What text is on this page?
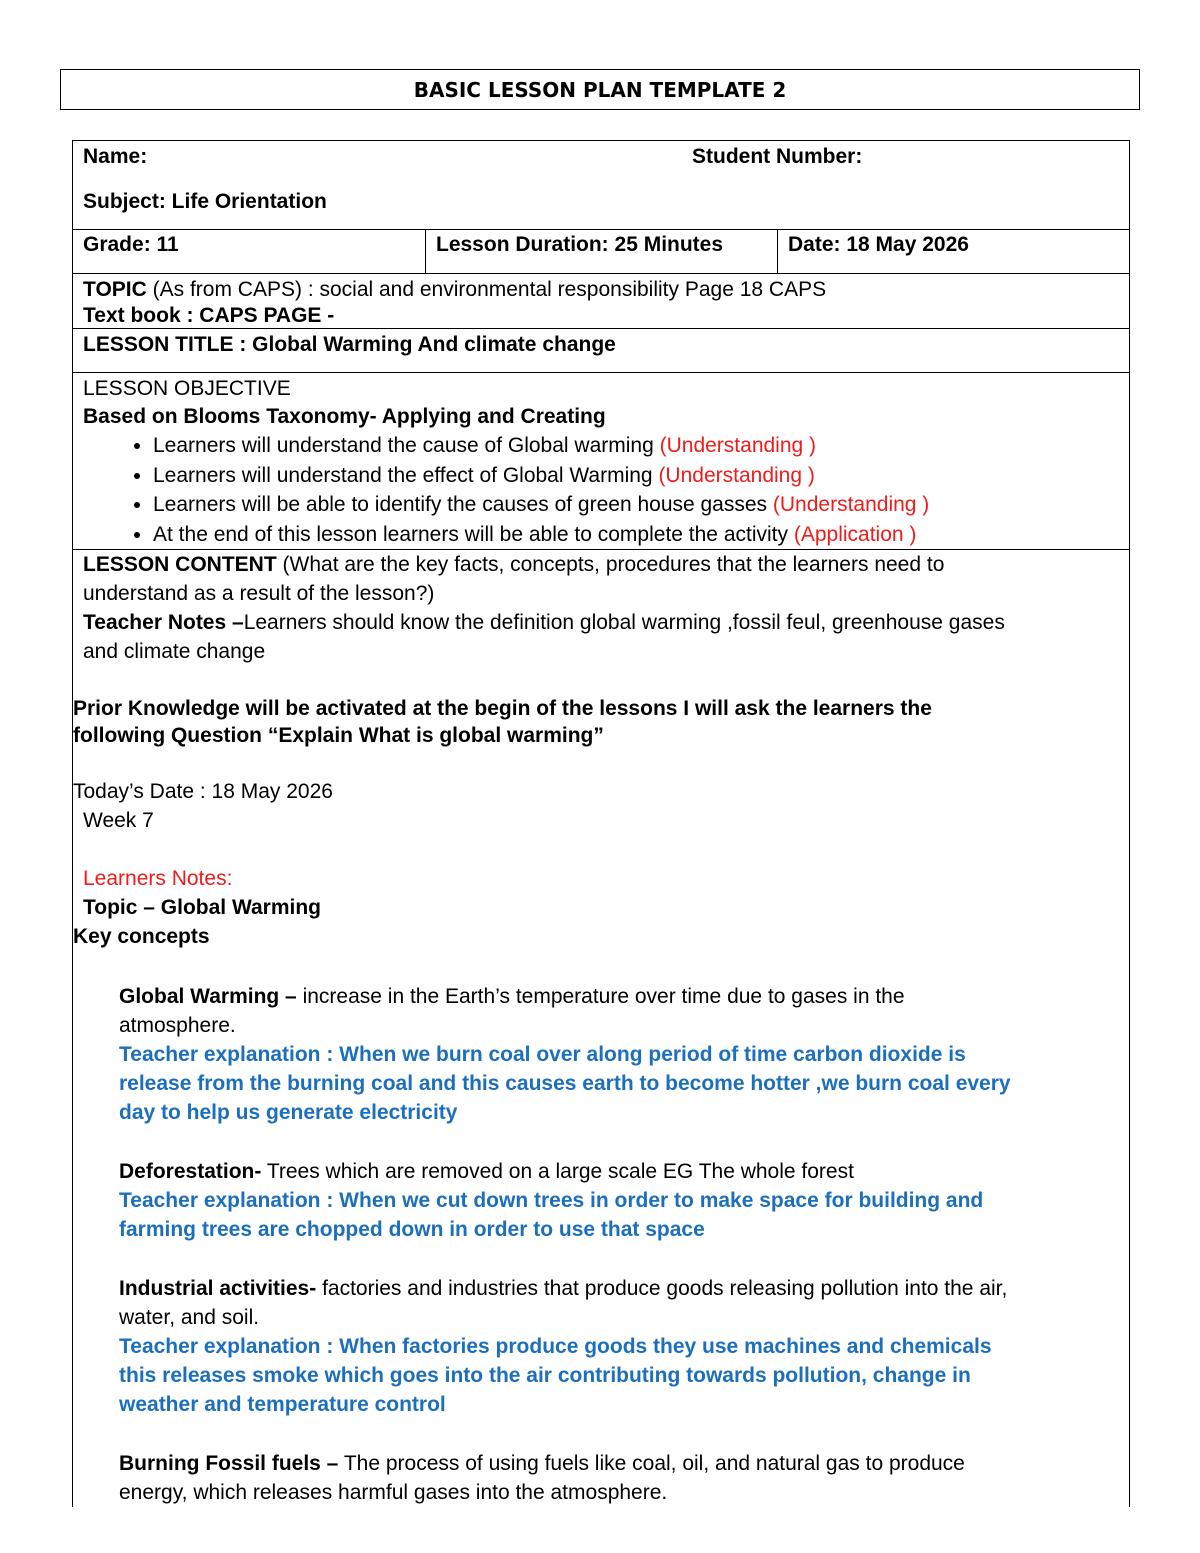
BASIC LESSON PLAN TEMPLATE 2
Name:	Student Number:
Subject: Life Orientation
Grade: 11	Lesson Duration: 25 Minutes	Date: 18 May 2026
TOPIC (As from CAPS) : social and environmental responsibility Page 18 CAPS
Text book : CAPS PAGE -
LESSON TITLE : Global Warming And climate change
LESSON OBJECTIVE
Based on Blooms Taxonomy- Applying and Creating
• Learners will understand the cause of Global warming (Understanding )
• Learners will understand the effect of Global Warming (Understanding )
• Learners will be able to identify the causes of green house gasses (Understanding )
• At the end of this lesson learners will be able to complete the activity (Application )
LESSON CONTENT (What are the key facts, concepts, procedures that the learners need to
understand as a result of the lesson?)
Teacher Notes –Learners should know the definition global warming ,fossil feul, greenhouse gases
and climate change
Prior Knowledge will be activated at the begin of the lessons I will ask the learners the
following Question “Explain What is global warming”
Today’s Date : 18 May 2026
Week 7
Learners Notes:
Topic – Global Warming
Key concepts
Global Warming – increase in the Earth’s temperature over time due to gases in the
atmosphere.
Teacher explanation : When we burn coal over along period of time carbon dioxide is
release from the burning coal and this causes earth to become hotter ,we burn coal every
day to help us generate electricity
Deforestation- Trees which are removed on a large scale EG The whole forest
Teacher explanation : When we cut down trees in order to make space for building and
farming trees are chopped down in order to use that space
Industrial activities- factories and industries that produce goods releasing pollution into the air,
water, and soil.
Teacher explanation : When factories produce goods they use machines and chemicals
this releases smoke which goes into the air contributing towards pollution, change in
weather and temperature control
Burning Fossil fuels – The process of using fuels like coal, oil, and natural gas to produce
energy, which releases harmful gases into the atmosphere.
